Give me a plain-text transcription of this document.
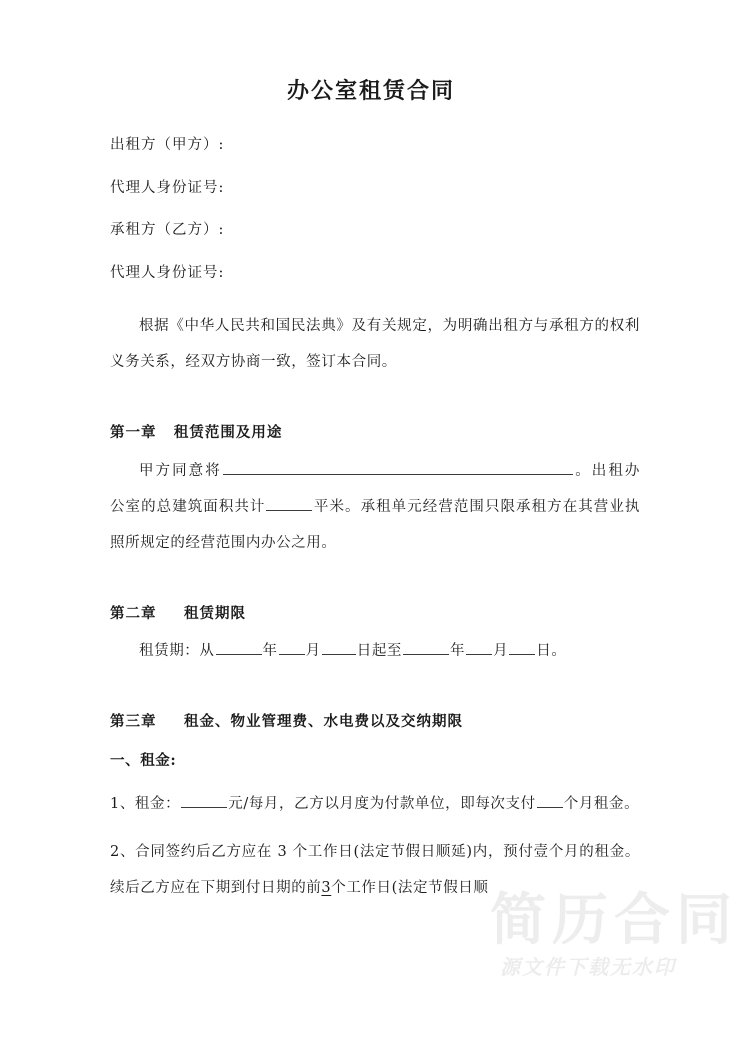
简历合同
源文件下载无水印
办公室租赁合同

出租方（甲方）:

代理人身份证号:

承租方（乙方）:

代理人身份证号:

根据《中华人民共和国民法典》及有关规定，为明确出租方与承租方的权利义务关系，经双方协商一致，签订本合同。

第一章 租赁范围及用途

甲方同意将	。出租办公室的总建筑面积共计	平米。承租单元经营范围只限承租方在其营业执照所规定的经营范围内办公之用。

第二章 租赁期限

租赁期：从	年 月 日起至	年 月 日。

第三章 租金、物业管理费、水电费以及交纳期限

一、租金:

1、租金：	元/每月，乙方以月度为付款单位，即每次支付 个月租金。

2、合同签约后乙方应在 3 个工作日(法定节假日顺延)内，预付壹个月的租金。续后乙方应在下期到付日期的前3个工作日(法定节假日顺
